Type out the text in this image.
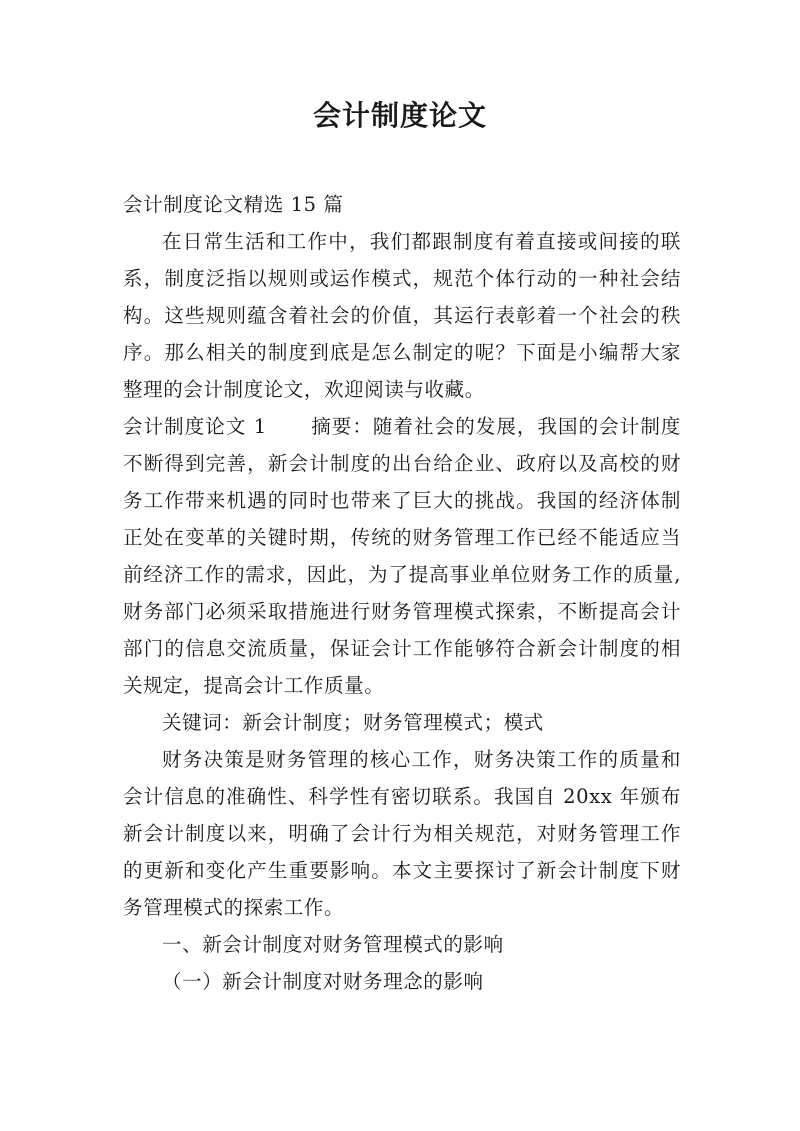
会计制度论文

会计制度论文精选 15 篇

在日常生活和工作中，我们都跟制度有着直接或间接的联系，制度泛指以规则或运作模式，规范个体行动的一种社会结构。这些规则蕴含着社会的价值，其运行表彰着一个社会的秩序。那么相关的制度到底是怎么制定的呢？下面是小编帮大家整理的会计制度论文，欢迎阅读与收藏。

会计制度论文 1 摘要：随着社会的发展，我国的会计制度不断得到完善，新会计制度的出台给企业、政府以及高校的财务工作带来机遇的同时也带来了巨大的挑战。我国的经济体制正处在变革的关键时期，传统的财务管理工作已经不能适应当前经济工作的需求，因此，为了提高事业单位财务工作的质量,财务部门必须采取措施进行财务管理模式探索，不断提高会计部门的信息交流质量，保证会计工作能够符合新会计制度的相关规定，提高会计工作质量。

关键词：新会计制度；财务管理模式；模式

财务决策是财务管理的核心工作，财务决策工作的质量和会计信息的准确性、科学性有密切联系。我国自 20xx 年颁布新会计制度以来，明确了会计行为相关规范，对财务管理工作的更新和变化产生重要影响。本文主要探讨了新会计制度下财务管理模式的探索工作。

一、新会计制度对财务管理模式的影响

（一）新会计制度对财务理念的影响
